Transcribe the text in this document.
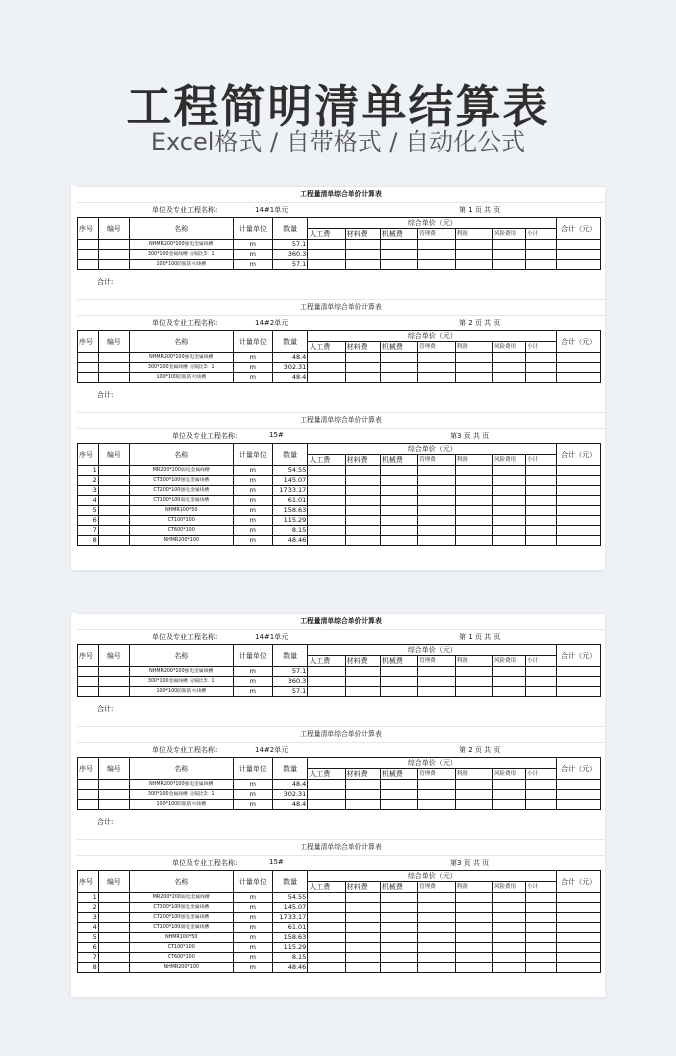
工程简明清单结算表
Excel格式 / 自带格式 / 自动化公式
工程量清单综合单价计算表
单位及专业工程名称:	14#1单元	第 1 页 共 页
序号	编号	名称	计量单位	数量	综合单价（元）							合计（元）
					人工费	材料费	机械费	管理费	利润	风险费用	小计	
		NHMR200*100强电金属线槽	m	57.1								
		300*100金属线槽 分隔比3：1	m	360.3								
		100*100防胀防火线槽	m	57.1								
合计:
工程量清单综合单价计算表
单位及专业工程名称:	14#2单元	第 2 页 共 页
序号	编号	名称	计量单位	数量	综合单价（元）							合计（元）
					人工费	材料费	机械费	管理费	利润	风险费用	小计	
		NHMR200*100强电金属线槽	m	48.4								
		300*100金属线槽 分隔比3：1	m	302.31								
		100*100防胀防火线槽	m	48.4								
合计:
工程量清单综合单价计算表
单位及专业工程名称:	15#	第3 页 共 页
序号	编号	名称	计量单位	数量	综合单价（元）							合计（元）
					人工费	材料费	机械费	管理费	利润	风险费用	小计	
1		MR200*200弱电金属线槽	m	54.55								
2		CT300*100强电金属线槽	m	145.07								
3		CT200*100强电金属线槽	m	1733.17								
4		CT100*100弱电金属线槽	m	61.01								
5		NHMR100*50	m	158.63								
6		CT100*100	m	115.29								
7		CT600*100	m	8.15								
8		NHMR200*100	m	48.46								
工程量清单综合单价计算表
单位及专业工程名称:	14#1单元	第 1 页 共 页
序号	编号	名称	计量单位	数量	综合单价（元）							合计（元）
					人工费	材料费	机械费	管理费	利润	风险费用	小计	
		NHMR200*100强电金属线槽	m	57.1								
		300*100金属线槽 分隔比3：1	m	360.3								
		100*100防胀防火线槽	m	57.1								
合计:
工程量清单综合单价计算表
单位及专业工程名称:	14#2单元	第 2 页 共 页
序号	编号	名称	计量单位	数量	综合单价（元）							合计（元）
					人工费	材料费	机械费	管理费	利润	风险费用	小计	
		NHMR200*100强电金属线槽	m	48.4								
		300*100金属线槽 分隔比3：1	m	302.31								
		100*100防胀防火线槽	m	48.4								
合计:
工程量清单综合单价计算表
单位及专业工程名称:	15#	第3 页 共 页
序号	编号	名称	计量单位	数量	综合单价（元）							合计（元）
					人工费	材料费	机械费	管理费	利润	风险费用	小计	
1		MR200*200弱电金属线槽	m	54.55								
2		CT300*100强电金属线槽	m	145.07								
3		CT200*100强电金属线槽	m	1733.17								
4		CT100*100弱电金属线槽	m	61.01								
5		NHMR100*50	m	158.63								
6		CT100*100	m	115.29								
7		CT600*100	m	8.15								
8		NHMR200*100	m	48.46								
